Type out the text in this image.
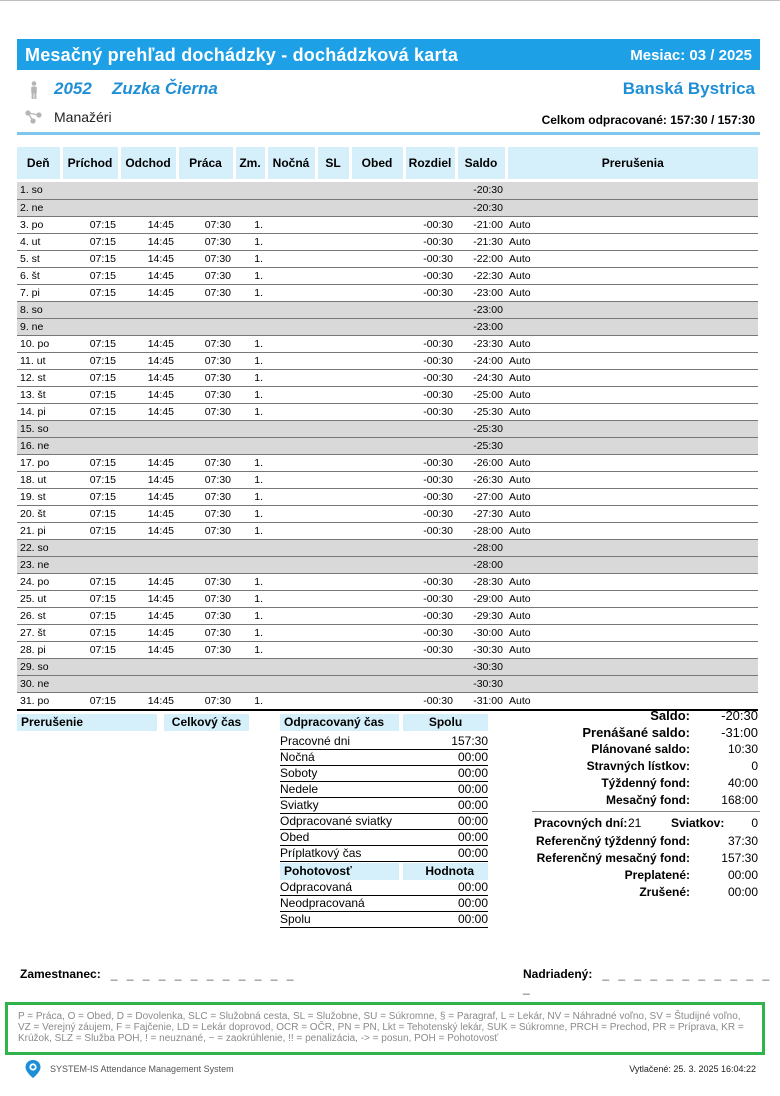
Mesačný prehľad dochádzky - dochádzková karta	Mesiac: 03 / 2025
2052 Zuzka Čierna	Banská Bystrica
Manažéri	Celkom odpracované: 157:30 / 157:30
Deň	Príchod	Odchod	Práca	Zm.	Nočná	SL	Obed	Rozdiel	Saldo	Prerušenia

1. so									-20:30	
2. ne									-20:30	
3. po	07:15	14:45	07:30	1.				-00:30	-21:00	Auto
4. ut	07:15	14:45	07:30	1.				-00:30	-21:30	Auto
5. st	07:15	14:45	07:30	1.				-00:30	-22:00	Auto
6. št	07:15	14:45	07:30	1.				-00:30	-22:30	Auto
7. pi	07:15	14:45	07:30	1.				-00:30	-23:00	Auto
8. so									-23:00	
9. ne									-23:00	
10. po	07:15	14:45	07:30	1.				-00:30	-23:30	Auto
11. ut	07:15	14:45	07:30	1.				-00:30	-24:00	Auto
12. st	07:15	14:45	07:30	1.				-00:30	-24:30	Auto
13. št	07:15	14:45	07:30	1.				-00:30	-25:00	Auto
14. pi	07:15	14:45	07:30	1.				-00:30	-25:30	Auto
15. so									-25:30	
16. ne									-25:30	
17. po	07:15	14:45	07:30	1.				-00:30	-26:00	Auto
18. ut	07:15	14:45	07:30	1.				-00:30	-26:30	Auto
19. st	07:15	14:45	07:30	1.				-00:30	-27:00	Auto
20. št	07:15	14:45	07:30	1.				-00:30	-27:30	Auto
21. pi	07:15	14:45	07:30	1.				-00:30	-28:00	Auto
22. so									-28:00	
23. ne									-28:00	
24. po	07:15	14:45	07:30	1.				-00:30	-28:30	Auto
25. ut	07:15	14:45	07:30	1.				-00:30	-29:00	Auto
26. st	07:15	14:45	07:30	1.				-00:30	-29:30	Auto
27. št	07:15	14:45	07:30	1.				-00:30	-30:00	Auto
28. pi	07:15	14:45	07:30	1.				-00:30	-30:30	Auto
29. so									-30:30	
30. ne									-30:30	
31. po	07:15	14:45	07:30	1.				-00:30	-31:00	Auto
Prerušenie	Celkový čas	Odpracovaný čas	Spolu
Pracovné dni	157:30
Nočná	00:00
Soboty	00:00
Nedele	00:00
Sviatky	00:00
Odpracované sviatky	00:00
Obed	00:00
Príplatkový čas	00:00
Pohotovosť	Hodnota
Odpracovaná	00:00
Neodpracovaná	00:00
Spolu	00:00
Saldo: -20:30
Prenášané saldo: -31:00
Plánované saldo:	10:30
Stravných lístkov:	0
Týždenný fond:	40:00
Mesačný fond:	168:00
Pracovných dní: 21 Sviatkov: 0
Referenčný týždenný fond:	37:30
Referenčný mesačný fond:	157:30
Preplatené:	00:00
Zrušené:	00:00
Zamestnanec: _ _ _ _ _ _ _ _ _ _ _ _	Nadriadený: _ _ _ _ _ _ _ _ _ _ _ _
P = Práca, O = Obed, D = Dovolenka, SLC = Služobná cesta, SL = Služobne, SU = Súkromne, § = Paragraf, L = Lekár, NV = Náhradné voľno, SV = Študijné voľno, VZ = Verejný záujem, F = Fajčenie, LD = Lekár doprovod, OCR = OČR, PN = PN, Lkt = Tehotenský lekár, SUK = Súkromne, PRCH = Prechod, PR = Príprava, KR = Krúžok, SLZ = Služba POH, ! = neuznané, ~ = zaokrúhlenie, !! = penalizácia, -> = posun, POH = Pohotovosť
SYSTEM-IS Attendance Management System	Vytlačené: 25. 3. 2025 16:04:22
